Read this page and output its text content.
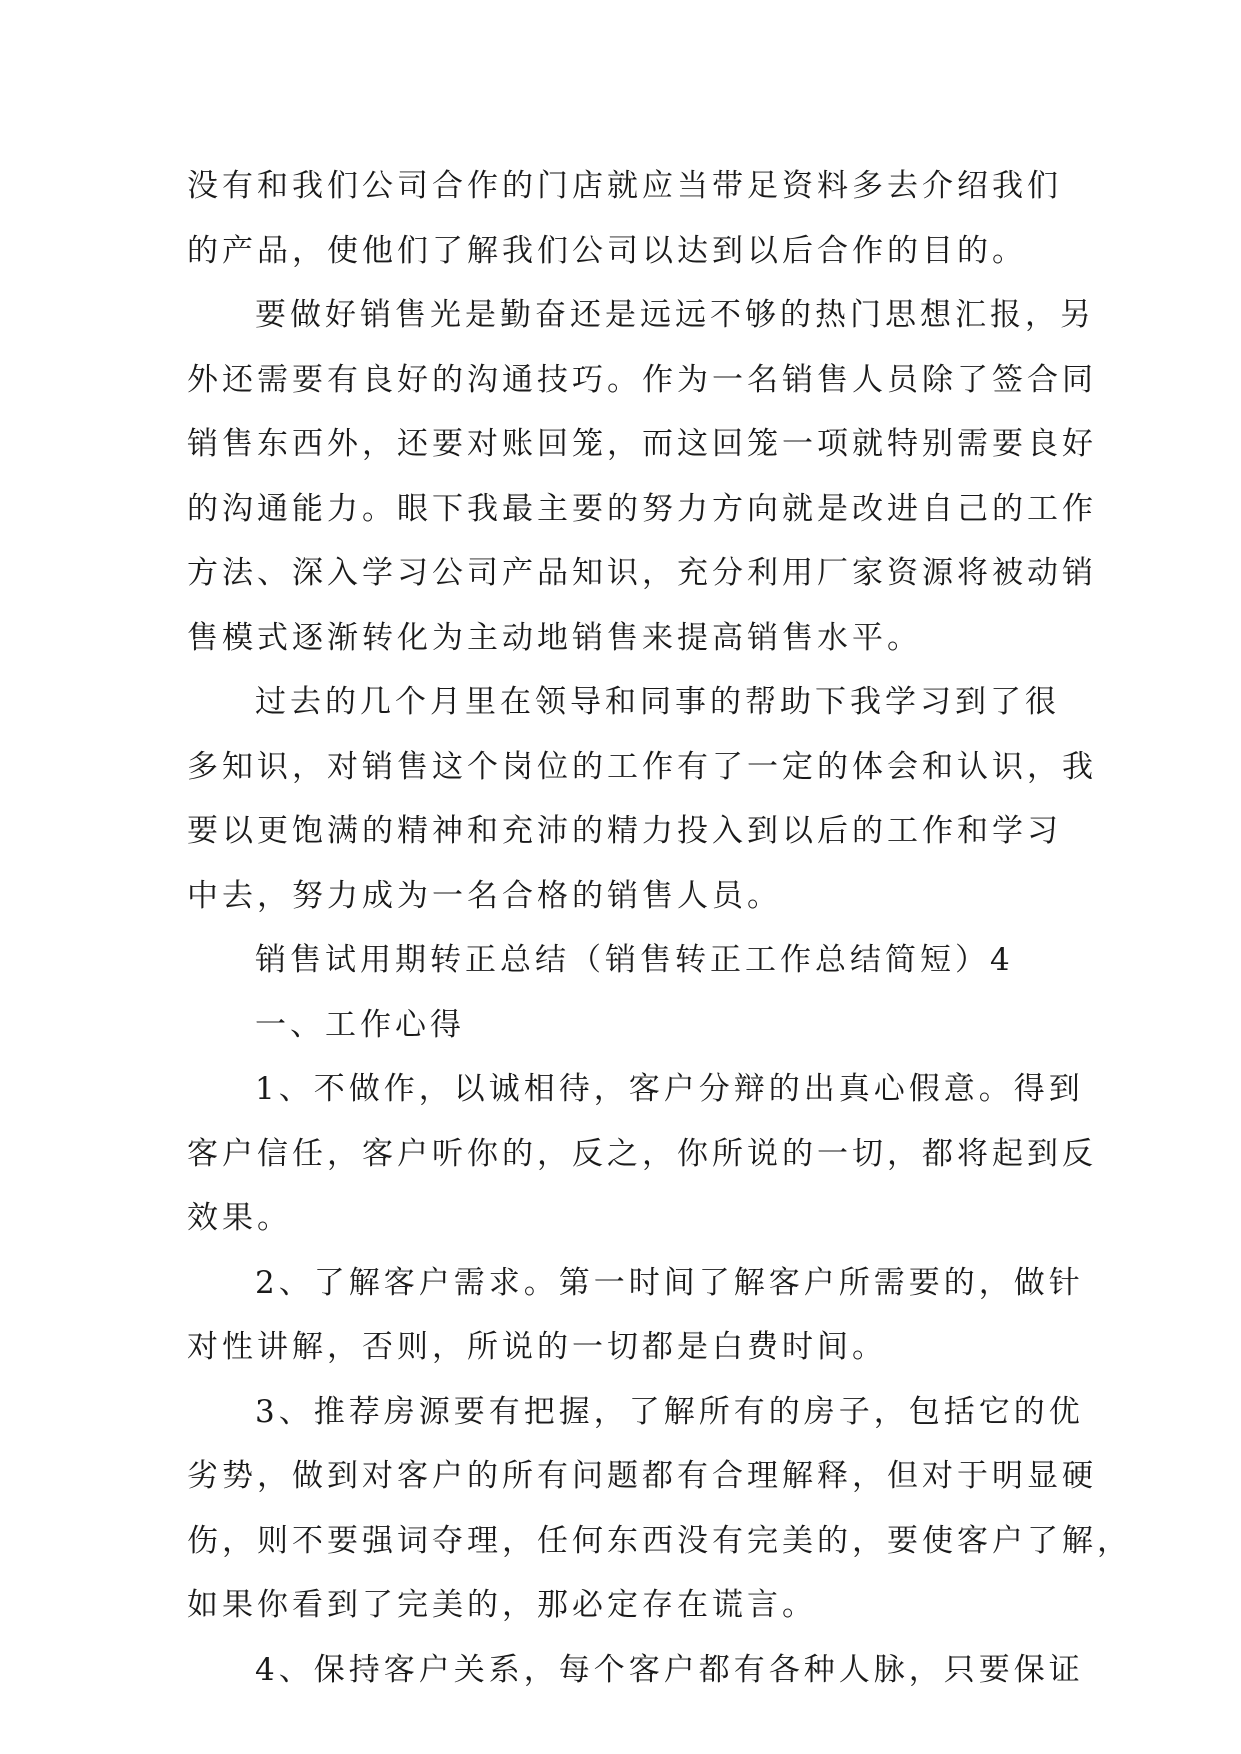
没有和我们公司合作的门店就应当带足资料多去介绍我们
的产品，使他们了解我们公司以达到以后合作的目的。
要做好销售光是勤奋还是远远不够的热门思想汇报，另
外还需要有良好的沟通技巧。作为一名销售人员除了签合同
销售东西外，还要对账回笼，而这回笼一项就特别需要良好
的沟通能力。眼下我最主要的努力方向就是改进自己的工作
方法、深入学习公司产品知识，充分利用厂家资源将被动销
售模式逐渐转化为主动地销售来提高销售水平。
过去的几个月里在领导和同事的帮助下我学习到了很
多知识，对销售这个岗位的工作有了一定的体会和认识，我
要以更饱满的精神和充沛的精力投入到以后的工作和学习
中去，努力成为一名合格的销售人员。
销售试用期转正总结（销售转正工作总结简短）4
一、工作心得
1、不做作，以诚相待，客户分辩的出真心假意。得到
客户信任，客户听你的，反之，你所说的一切，都将起到反
效果。
2、了解客户需求。第一时间了解客户所需要的，做针
对性讲解，否则，所说的一切都是白费时间。
3、推荐房源要有把握，了解所有的房子，包括它的优
劣势，做到对客户的所有问题都有合理解释，但对于明显硬
伤，则不要强词夺理，任何东西没有完美的，要使客户了解，
如果你看到了完美的，那必定存在谎言。
4、保持客户关系，每个客户都有各种人脉，只要保证
